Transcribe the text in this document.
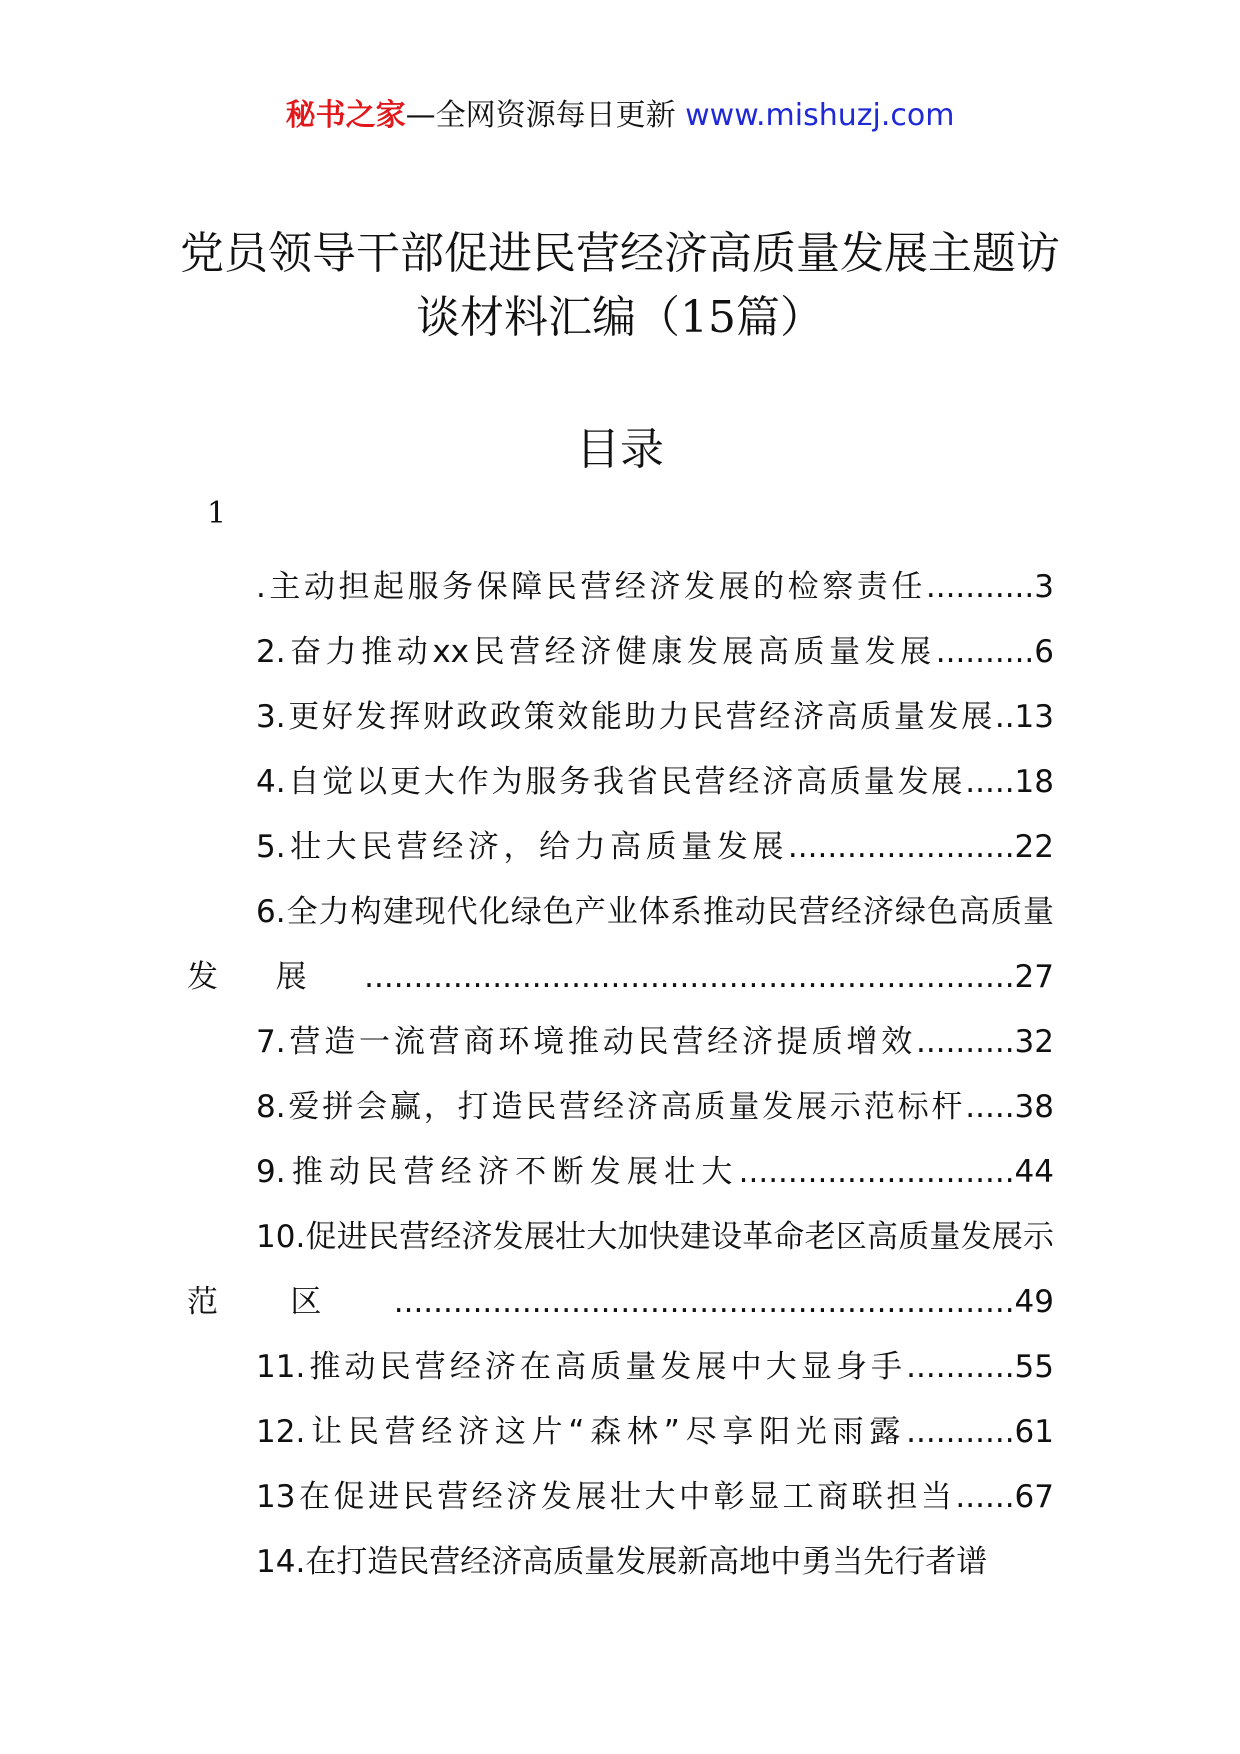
秘书之家—全网资源每日更新 www.mishuzj.com
党员领导干部促进民营经济高质量发展主题访谈材料汇编（15篇）
目录
1
.主动担起服务保障民营经济发展的检察责任...........3
2.奋力推动xx民营经济健康发展高质量发展..........6
3.更好发挥财政政策效能助力民营经济高质量发展..13
4.自觉以更大作为服务我省民营经济高质量发展.....18
5.壮大民营经济，给力高质量发展.......................22
6.全力构建现代化绿色产业体系推动民营经济绿色高质量发展..................................................................27
7.营造一流营商环境推动民营经济提质增效..........32
8.爱拼会赢，打造民营经济高质量发展示范标杆.....38
9.推动民营经济不断发展壮大............................44
10.促进民营经济发展壮大加快建设革命老区高质量发展示范区...............................................................49
11.推动民营经济在高质量发展中大显身手...........55
12.让民营经济这片“森林”尽享阳光雨露...........61
13在促进民营经济发展壮大中彰显工商联担当......67
14.在打造民营经济高质量发展新高地中勇当先行者谱
